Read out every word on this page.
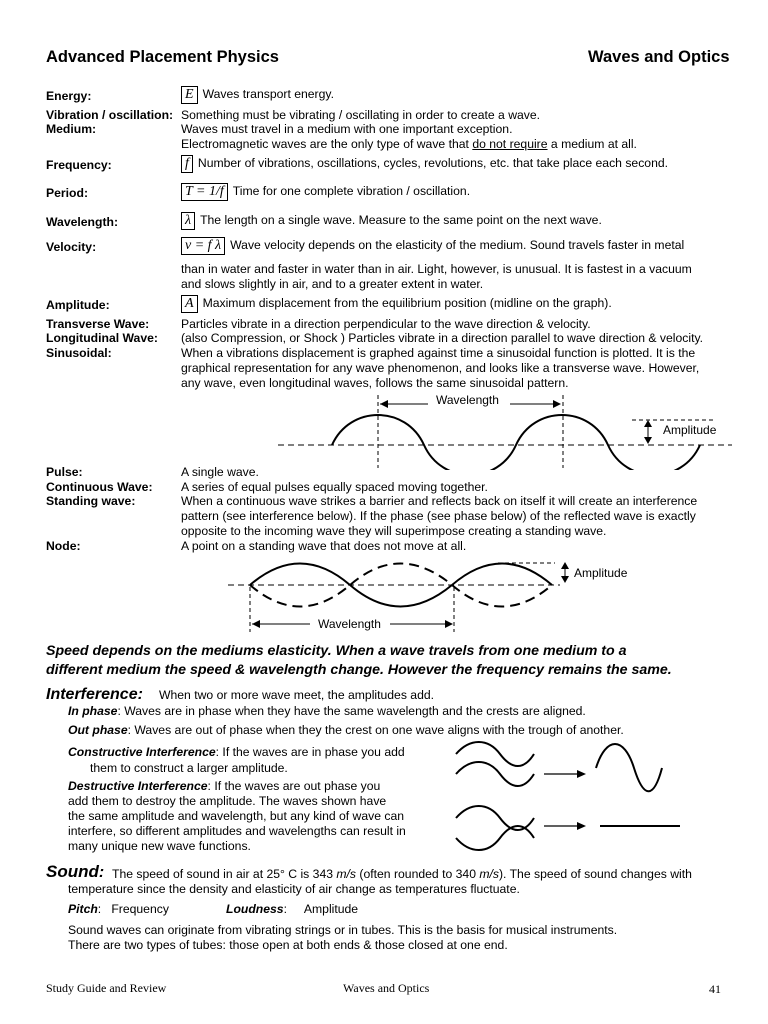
Advanced Placement Physics	Waves and Optics
Energy:	E Waves transport energy.
Vibration / oscillation: Something must be vibrating / oscillating in order to create a wave.
Medium:	Waves must travel in a medium with one important exception.
Electromagnetic waves are the only type of wave that do not require a medium at all.
Frequency:	f Number of vibrations, oscillations, cycles, revolutions, etc. that take place each second.
Period:	T = 1/f Time for one complete vibration / oscillation.
Wavelength:	λ The length on a single wave. Measure to the same point on the next wave.
Velocity:	v = f λ Wave velocity depends on the elasticity of the medium. Sound travels faster in metal
than in water and faster in water than in air. Light, however, is unusual. It is fastest in a vacuum
and slows slightly in air, and to a greater extent in water.
Amplitude:	A Maximum displacement from the equilibrium position (midline on the graph).
Transverse Wave:	Particles vibrate in a direction perpendicular to the wave direction & velocity.
Longitudinal Wave: (also Compression, or Shock ) Particles vibrate in a direction parallel to wave direction & velocity.
Sinusoidal:	When a vibrations displacement is graphed against time a sinusoidal function is plotted. It is the
graphical representation for any wave phenomenon, and looks like a transverse wave. However,
any wave, even longitudinal waves, follows the same sinusoidal pattern.
Wavelength
Amplitude
Pulse:	A single wave.
Continuous Wave: A series of equal pulses equally spaced moving together.
Standing wave:	When a continuous wave strikes a barrier and reflects back on itself it will create an interference
pattern (see interference below). If the phase (see phase below) of the reflected wave is exactly
opposite to the incoming wave they will superimpose creating a standing wave.
Node:	A point on a standing wave that does not move at all.
Wavelength
Amplitude
Speed depends on the mediums elasticity. When a wave travels from one medium to a
different medium the speed & wavelength change. However the frequency remains the same.
Interference: When two or more wave meet, the amplitudes add.
In phase: Waves are in phase when they have the same wavelength and the crests are aligned.
Out phase: Waves are out of phase when they the crest on one wave aligns with the trough of another.
Constructive Interference: If the waves are in phase you add
them to construct a larger amplitude.
Destructive Interference: If the waves are out phase you
add them to destroy the amplitude. The waves shown have
the same amplitude and wavelength, but any kind of wave can
interfere, so different amplitudes and wavelengths can result in
many unique new wave functions.
Sound: The speed of sound in air at 25° C is 343 m/s (often rounded to 340 m/s). The speed of sound changes with
temperature since the density and elasticity of air change as temperatures fluctuate.
Pitch:   Frequency	Loudness:     Amplitude
Sound waves can originate from vibrating strings or in tubes. This is the basis for musical instruments.
There are two types of tubes: those open at both ends & those closed at one end.
Study Guide and Review	Waves and Optics	41
